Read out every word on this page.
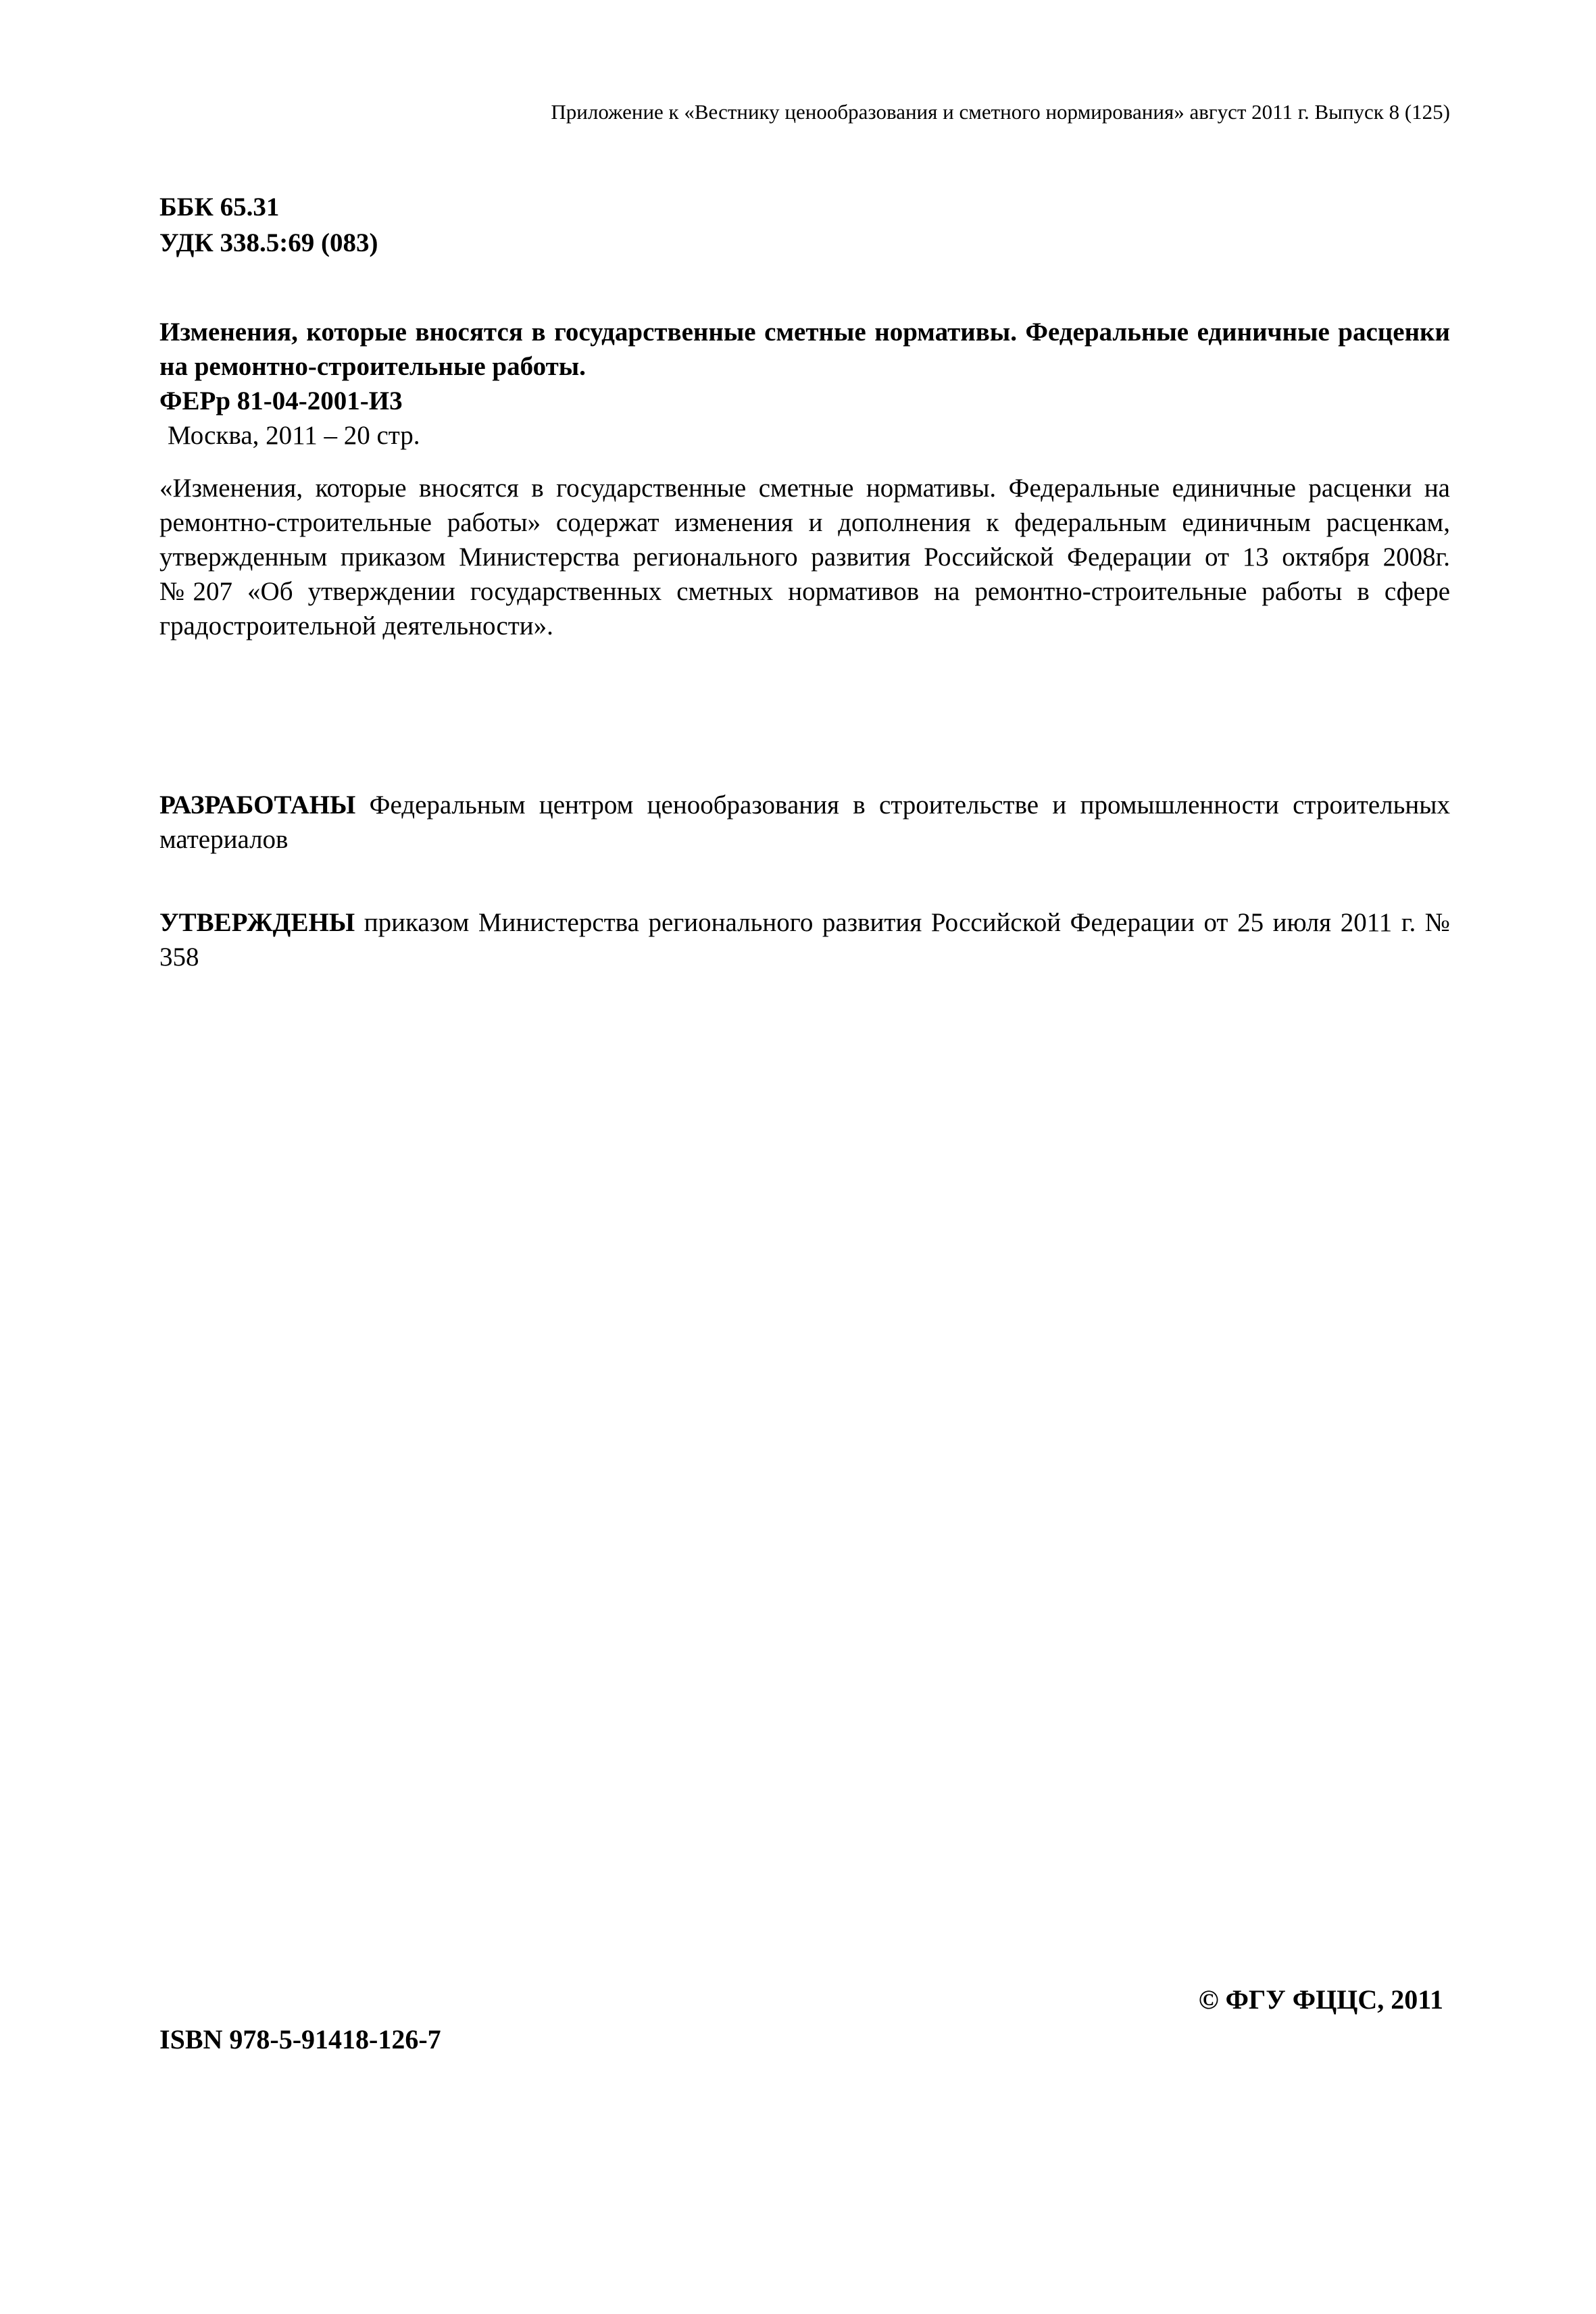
Приложение к «Вестнику ценообразования и сметного нормирования» август 2011 г. Выпуск 8 (125)
ББК 65.31
УДК 338.5:69 (083)
Изменения, которые вносятся в государственные сметные нормативы. Федеральные единичные расценки на ремонтно-строительные работы.
ФЕРр 81-04-2001-И3
Москва, 2011 – 20 стр.
«Изменения, которые вносятся в государственные сметные нормативы. Федеральные единичные расценки на ремонтно-строительные работы» содержат изменения и дополнения к федеральным единичным расценкам, утвержденным приказом Министерства регионального развития Российской Федерации от 13 октября 2008г. №207 «Об утверждении государственных сметных нормативов на ремонтно-строительные работы в сфере градостроительной деятельности».
РАЗРАБОТАНЫ Федеральным центром ценообразования в строительстве и промышленности строительных материалов
УТВЕРЖДЕНЫ приказом Министерства регионального развития Российской Федерации от 25 июля 2011 г. № 358
© ФГУ ФЦЦС, 2011
ISBN 978-5-91418-126-7
